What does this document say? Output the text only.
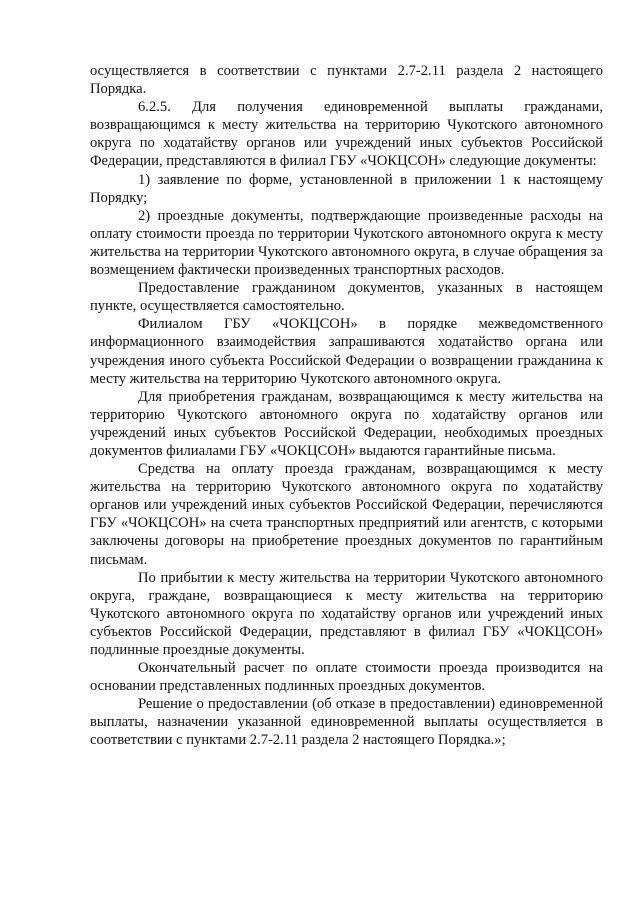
осуществляется в соответствии с пунктами 2.7-2.11 раздела 2 настоящего Порядка.

6.2.5. Для получения единовременной выплаты гражданами, возвращающимся к месту жительства на территорию Чукотского автономного округа по ходатайству органов или учреждений иных субъектов Российской Федерации, представляются в филиал ГБУ «ЧОКЦСОН» следующие документы:

1) заявление по форме, установленной в приложении 1 к настоящему Порядку;

2) проездные документы, подтверждающие произведенные расходы на оплату стоимости проезда по территории Чукотского автономного округа к месту жительства на территории Чукотского автономного округа, в случае обращения за возмещением фактически произведенных транспортных расходов.

Предоставление гражданином документов, указанных в настоящем пункте, осуществляется самостоятельно.

Филиалом ГБУ «ЧОКЦСОН» в порядке межведомственного информационного взаимодействия запрашиваются ходатайство органа или учреждения иного субъекта Российской Федерации о возвращении гражданина к месту жительства на территорию Чукотского автономного округа.

Для приобретения гражданам, возвращающимся к месту жительства на территорию Чукотского автономного округа по ходатайству органов или учреждений иных субъектов Российской Федерации, необходимых проездных документов филиалами ГБУ «ЧОКЦСОН» выдаются гарантийные письма.

Средства на оплату проезда гражданам, возвращающимся к месту жительства на территорию Чукотского автономного округа по ходатайству органов или учреждений иных субъектов Российской Федерации, перечисляются ГБУ «ЧОКЦСОН» на счета транспортных предприятий или агентств, с которыми заключены договоры на приобретение проездных документов по гарантийным письмам.

По прибытии к месту жительства на территории Чукотского автономного округа, граждане, возвращающиеся к месту жительства на территорию Чукотского автономного округа по ходатайству органов или учреждений иных субъектов Российской Федерации, представляют в филиал ГБУ «ЧОКЦСОН» подлинные проездные документы.

Окончательный расчет по оплате стоимости проезда производится на основании представленных подлинных проездных документов.

Решение о предоставлении (об отказе в предоставлении) единовременной выплаты, назначении указанной единовременной выплаты осуществляется в соответствии с пунктами 2.7-2.11 раздела 2 настоящего Порядка.»;
